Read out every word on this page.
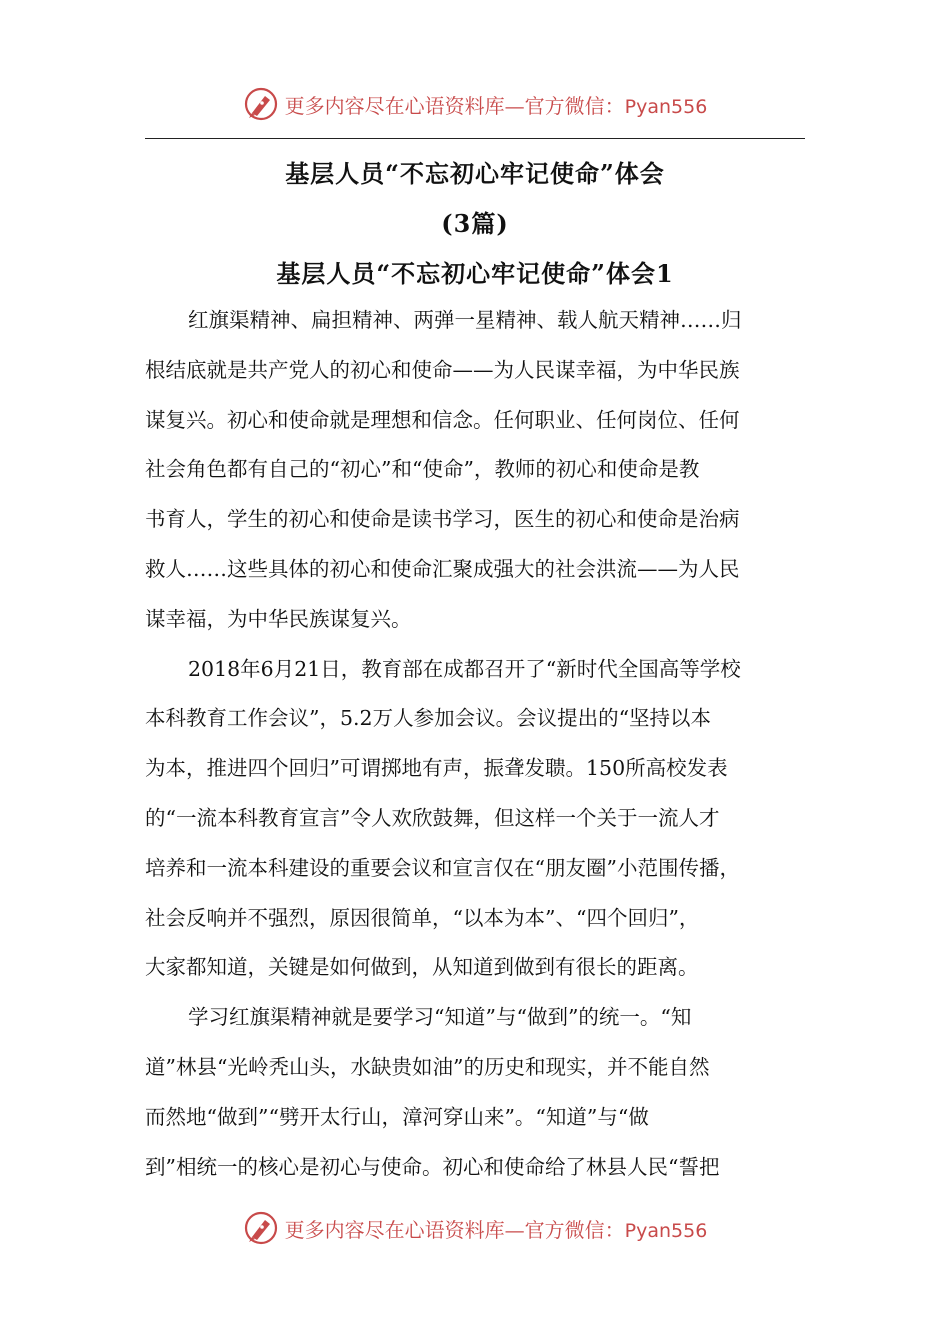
更多内容尽在心语资料库—官方微信：Pyan556
基层人员“不忘初心牢记使命”体会
(3篇)
基层人员“不忘初心牢记使命”体会1
红旗渠精神、扁担精神、两弹一星精神、载人航天精神……归
根结底就是共产党人的初心和使命——为人民谋幸福，为中华民族
谋复兴。初心和使命就是理想和信念。任何职业、任何岗位、任何
社会角色都有自己的“初心”和“使命”，教师的初心和使命是教
书育人，学生的初心和使命是读书学习，医生的初心和使命是治病
救人……这些具体的初心和使命汇聚成强大的社会洪流——为人民
谋幸福，为中华民族谋复兴。
2018年6月21日，教育部在成都召开了“新时代全国高等学校
本科教育工作会议”，5.2万人参加会议。会议提出的“坚持以本
为本，推进四个回归”可谓掷地有声，振聋发聩。150所高校发表
的“一流本科教育宣言”令人欢欣鼓舞，但这样一个关于一流人才
培养和一流本科建设的重要会议和宣言仅在“朋友圈”小范围传播，
社会反响并不强烈，原因很简单，“以本为本”、“四个回归”，
大家都知道，关键是如何做到，从知道到做到有很长的距离。
学习红旗渠精神就是要学习“知道”与“做到”的统一。“知
道”林县“光岭秃山头，水缺贵如油”的历史和现实，并不能自然
而然地“做到”“劈开太行山，漳河穿山来”。“知道”与“做
到”相统一的核心是初心与使命。初心和使命给了林县人民“誓把
更多内容尽在心语资料库—官方微信：Pyan556
